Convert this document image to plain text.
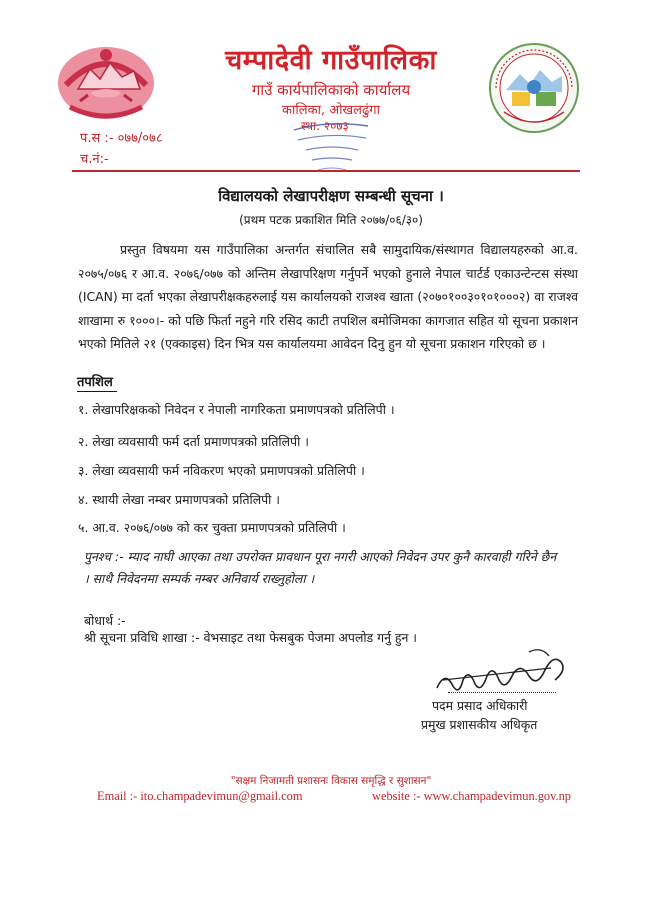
चम्पादेवी गाउँपालिका
गाउँ कार्यपालिकाको कार्यालय
कालिका, ओखलढुंगा
स्था. २०७३
प.स :- ०७७/०७८
च.नं:-
विद्यालयको लेखापरीक्षण सम्बन्धी सूचना ।
(प्रथम पटक प्रकाशित मिति २०७७/०६/३०)

प्रस्तुत विषयमा यस गाउँपालिका अन्तर्गत संचालित सबै सामुदायिक/संस्थागत विद्यालयहरुको आ.व. २०७५/०७६ र आ.व. २०७६/०७७ को अन्तिम लेखापरिक्षण गर्नुपर्ने भएको हुनाले नेपाल चार्टर्ड एकाउन्टेन्टस संस्था (ICAN) मा दर्ता भएका लेखापरीक्षकहरुलाई यस कार्यालयको राजश्व खाता (२०७०१००३०१०१०००२) वा राजश्व शाखामा रु १०००।- को पछि फिर्ता नहुने गरि रसिद काटी तपशिल बमोजिमका कागजात सहित यो सूचना प्रकाशन भएको मितिले २१ (एक्काइस) दिन भित्र यस कार्यालयमा आवेदन दिनु हुन यो सूचना प्रकाशन गरिएको छ ।

तपशिल
१. लेखापरिक्षकको निवेदन र नेपाली नागरिकता प्रमाणपत्रको प्रतिलिपी ।
२. लेखा व्यवसायी फर्म दर्ता प्रमाणपत्रको प्रतिलिपी ।
३. लेखा व्यवसायी फर्म नविकरण भएको प्रमाणपत्रको प्रतिलिपी ।
४. स्थायी लेखा नम्बर प्रमाणपत्रको प्रतिलिपी ।
५. आ.व. २०७६/०७७ को कर चुक्ता प्रमाणपत्रको प्रतिलिपी ।

पुनश्च :- म्याद नाघी आएका तथा उपरोक्त प्रावधान पूरा नगरी आएको निवेदन उपर कुनै कारवाही गरिने छैन । साथै निवेदनमा सम्पर्क नम्बर अनिवार्य राख्नुहोला ।

बोधार्थ :-
श्री सूचना प्रविधि शाखा :- वेभसाइट तथा फेसबुक पेजमा अपलोड गर्नु हुन ।
पदम प्रसाद अधिकारी
प्रमुख प्रशासकीय अधिकृत
"सक्षम निजामती प्रशासनः विकास समृद्धि र सुशासन"
Email :- ito.champadevimun@gmail.com	website :- www.champadevimun.gov.np
